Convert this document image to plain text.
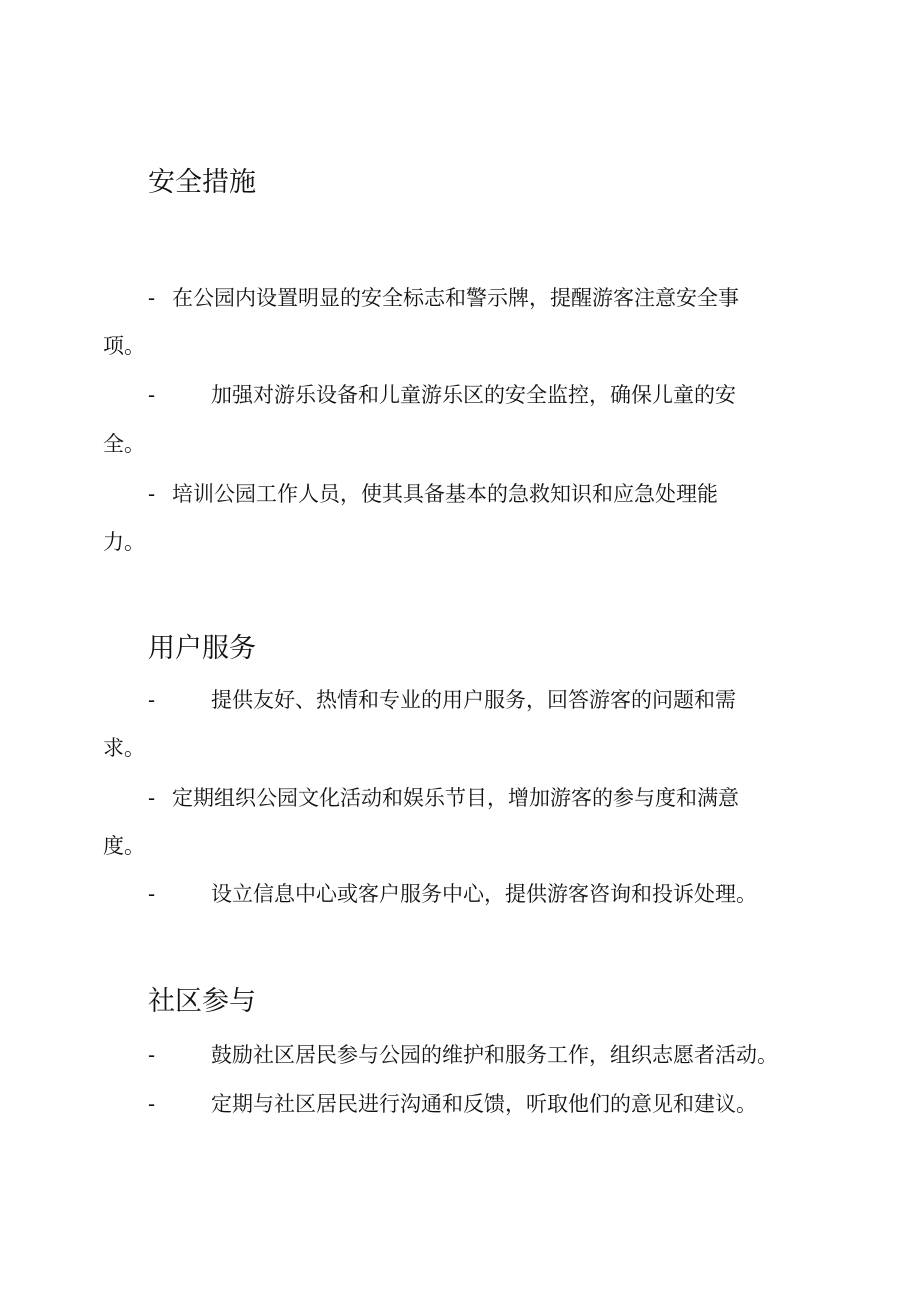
安全措施
- 在公园内设置明显的安全标志和警示牌，提醒游客注意安全事
项。
-	加强对游乐设备和儿童游乐区的安全监控，确保儿童的安
全。
- 培训公园工作人员，使其具备基本的急救知识和应急处理能
力。
用户服务
-	提供友好、热情和专业的用户服务，回答游客的问题和需
求。
- 定期组织公园文化活动和娱乐节目，增加游客的参与度和满意
度。
-	设立信息中心或客户服务中心，提供游客咨询和投诉处理。
社区参与
-	鼓励社区居民参与公园的维护和服务工作，组织志愿者活动。
-	定期与社区居民进行沟通和反馈，听取他们的意见和建议。
